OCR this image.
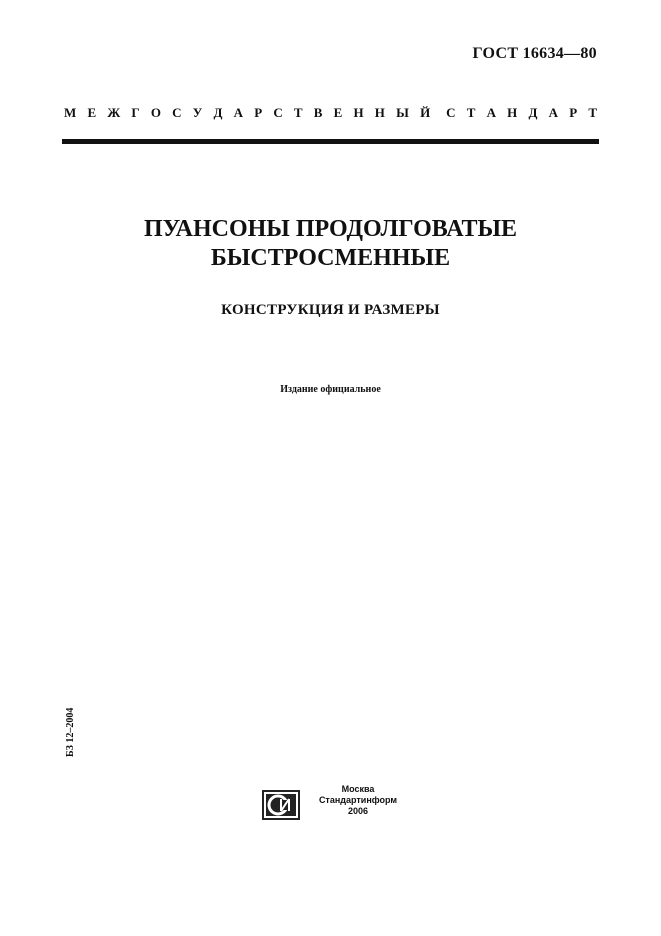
ГОСТ 16634—80
М Е Ж Г О С У Д А Р С Т В Е Н Н Ы Й С Т А Н Д А Р Т
ПУАНСОНЫ ПРОДОЛГОВАТЫЕ
БЫСТРОСМЕННЫЕ
КОНСТРУКЦИЯ И РАЗМЕРЫ
Издание официальное
БЗ 12–2004
Москва
Стандартинформ
2006
